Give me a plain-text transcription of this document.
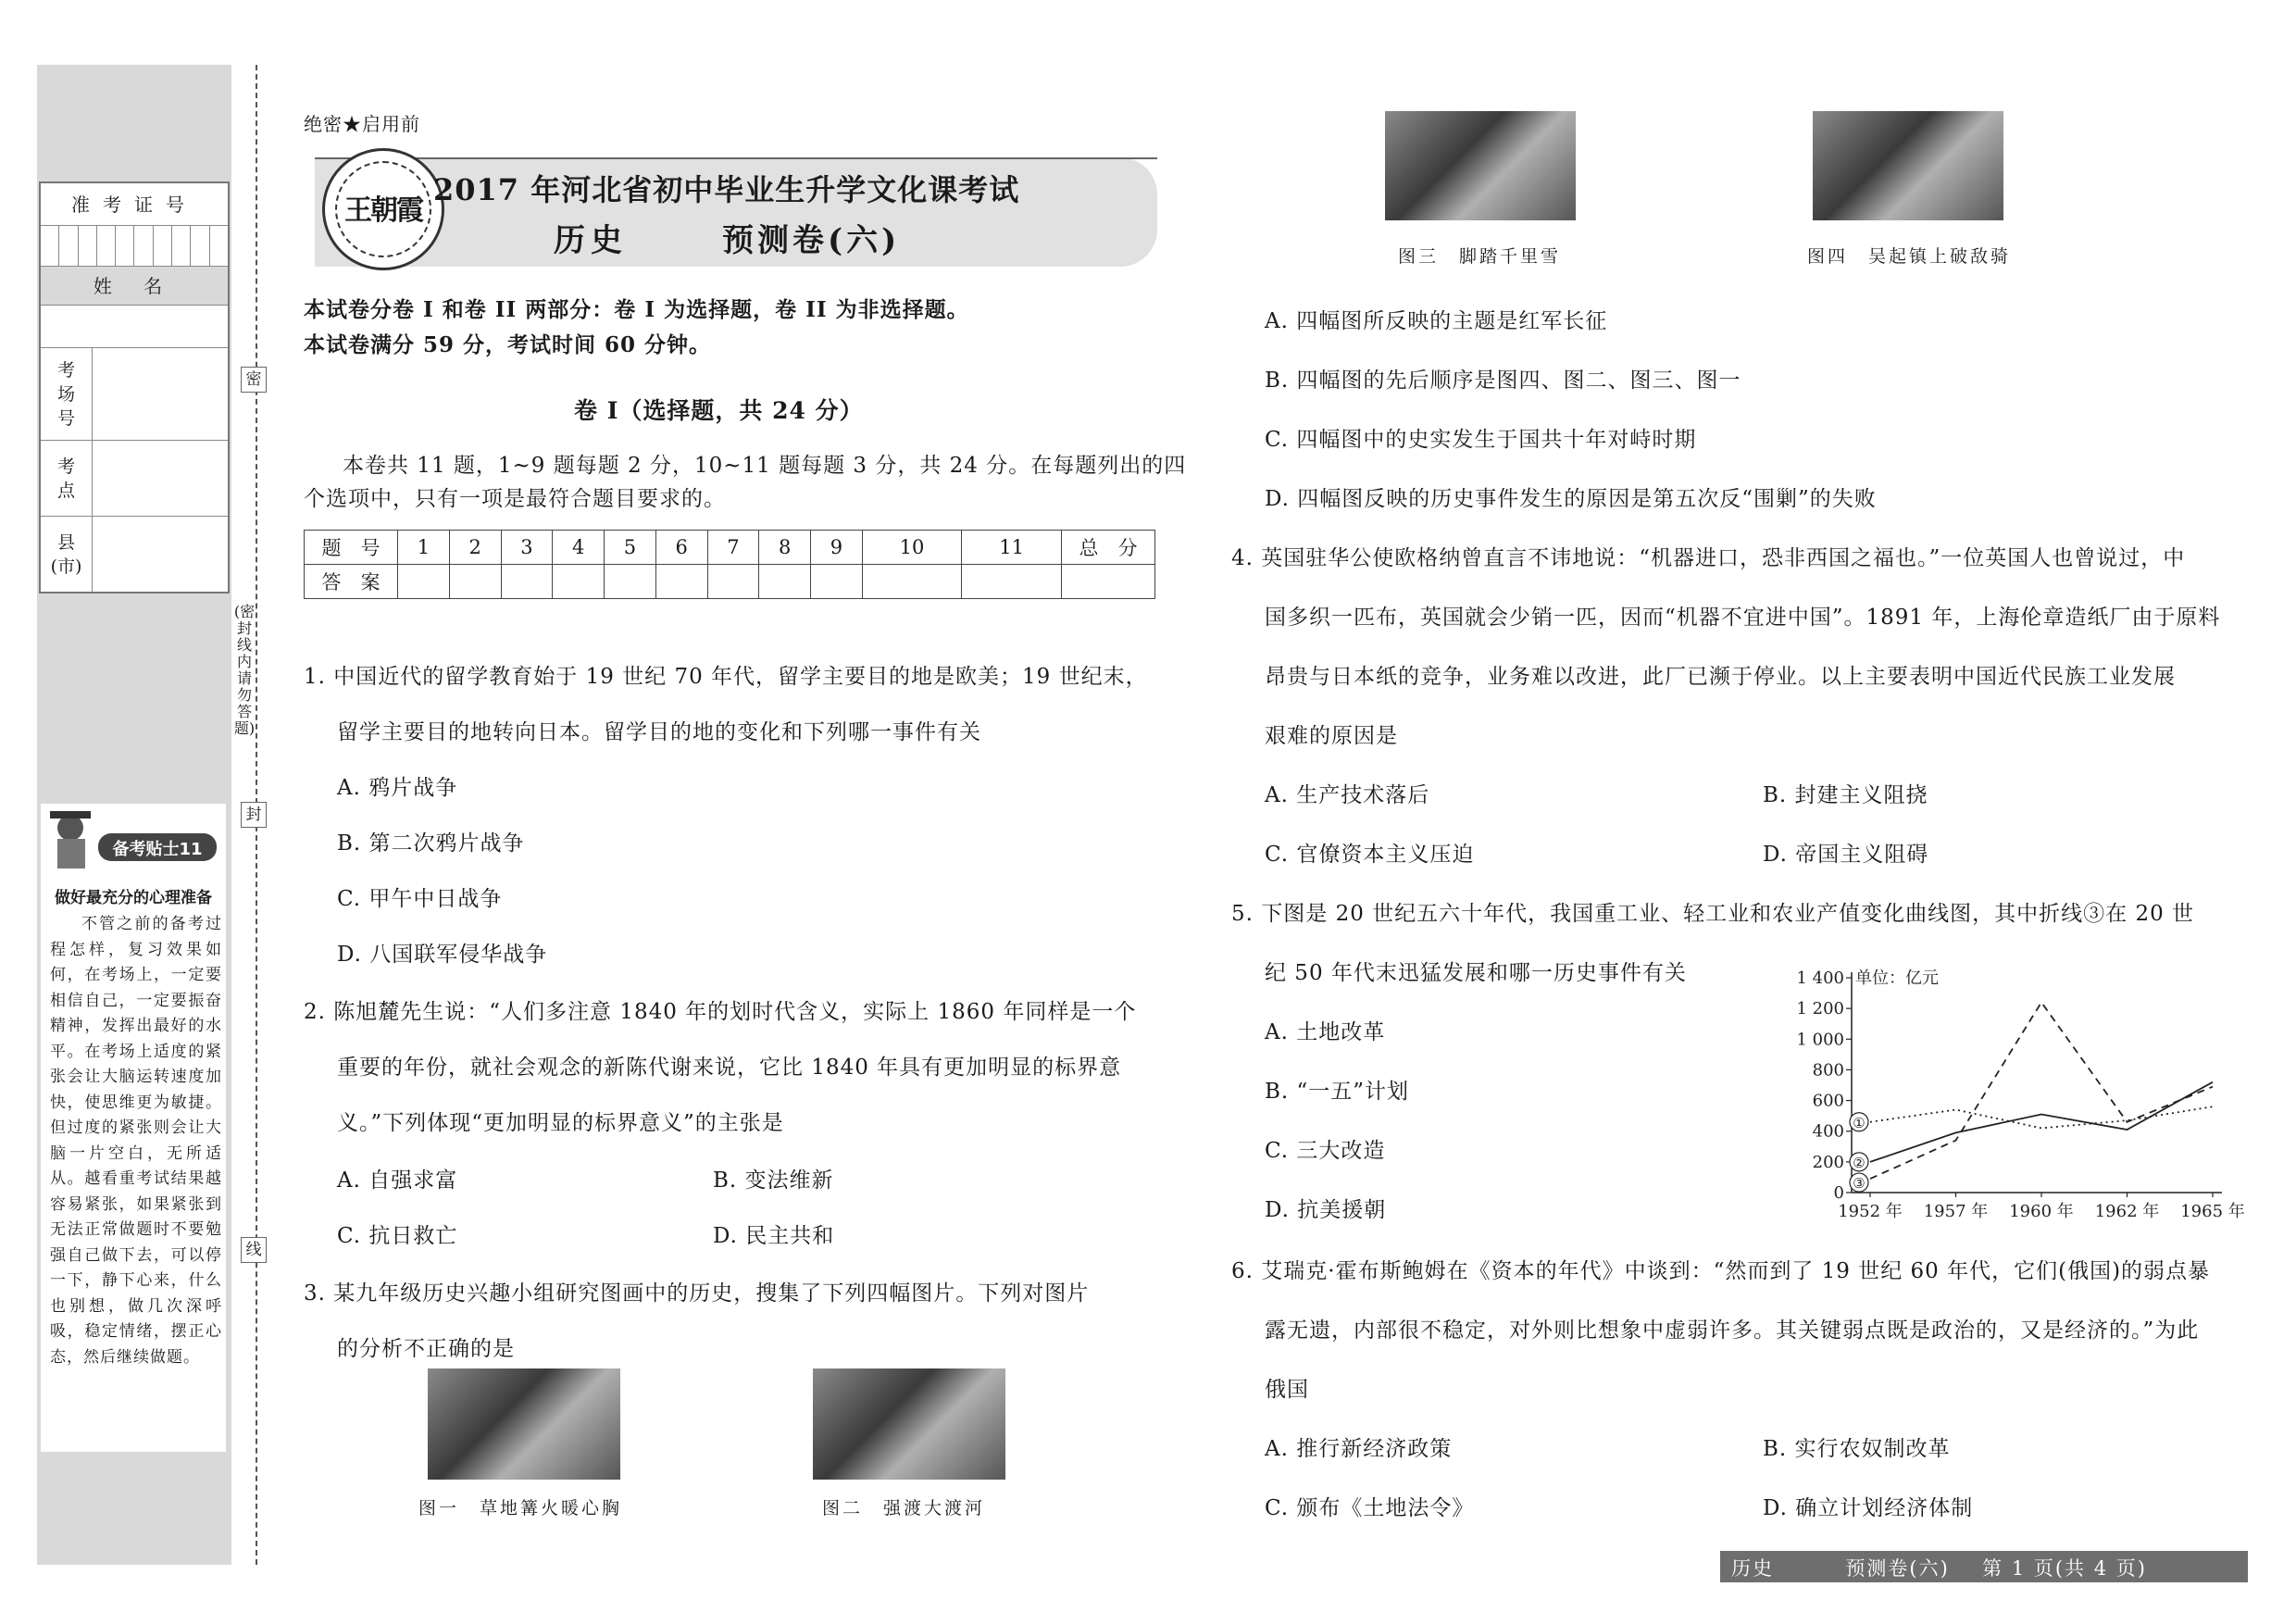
准考证号
姓 名
考
场
号
考
点
县
(市)
备考贴士11
做好最充分的心理准备
不管之前的备考过程怎样，复习效果如何，在考场上，一定要相信自己，一定要振奋精神，发挥出最好的水平。在考场上适度的紧张会让大脑运转速度加快，使思维更为敏捷。但过度的紧张则会让大脑一片空白，无所适从。越看重考试结果越容易紧张，如果紧张到无法正常做题时不要勉强自己做下去，可以停一下，静下心来，什么也别想，做几次深呼吸，稳定情绪，摆正心态，然后继续做题。
密
(密封线内请勿答题)
封
线
绝密★启用前
王朝霞
2017 年河北省初中毕业生升学文化课考试
历史	预测卷(六)
本试卷分卷 I 和卷 II 两部分：卷 I 为选择题，卷 II 为非选择题。
本试卷满分 59 分，考试时间 60 分钟。
卷 I（选择题，共 24 分）
本卷共 11 题，1~9 题每题 2 分，10~11 题每题 3 分，共 24 分。在每题列出的四
个选项中，只有一项是最符合题目要求的。
题　号	1	2	3	4	5	6	7	8	9	10	11	总　分
答　案												
1. 中国近代的留学教育始于 19 世纪 70 年代，留学主要目的地是欧美；19 世纪末，
留学主要目的地转向日本。留学目的地的变化和下列哪一事件有关
A. 鸦片战争
B. 第二次鸦片战争
C. 甲午中日战争
D. 八国联军侵华战争
2. 陈旭麓先生说：“人们多注意 1840 年的划时代含义，实际上 1860 年同样是一个
重要的年份，就社会观念的新陈代谢来说，它比 1840 年具有更加明显的标界意
义。”下列体现“更加明显的标界意义”的主张是
A. 自强求富	B. 变法维新
C. 抗日救亡	D. 民主共和
3. 某九年级历史兴趣小组研究图画中的历史，搜集了下列四幅图片。下列对图片
的分析不正确的是
图一　草地篝火暖心胸	图二　强渡大渡河
图三　脚踏千里雪	图四　吴起镇上破敌骑
A. 四幅图所反映的主题是红军长征
B. 四幅图的先后顺序是图四、图二、图三、图一
C. 四幅图中的史实发生于国共十年对峙时期
D. 四幅图反映的历史事件发生的原因是第五次反“围剿”的失败
4. 英国驻华公使欧格纳曾直言不讳地说：“机器进口，恐非西国之福也。”一位英国人也曾说过，中
国多织一匹布，英国就会少销一匹，因而“机器不宜进中国”。1891 年，上海伦章造纸厂由于原料
昂贵与日本纸的竞争，业务难以改进，此厂已濒于停业。以上主要表明中国近代民族工业发展
艰难的原因是
A. 生产技术落后	B. 封建主义阻挠
C. 官僚资本主义压迫	D. 帝国主义阻碍
5. 下图是 20 世纪五六十年代，我国重工业、轻工业和农业产值变化曲线图，其中折线③在 20 世
纪 50 年代末迅猛发展和哪一历史事件有关
A. 土地改革
B. “一五”计划
C. 三大改造
D. 抗美援朝
0
200
400
600
800
1 000
1 200
1 400 单位：亿元
1952 年 1957 年 1960 年 1962 年 1965 年
①
②
③
6. 艾瑞克·霍布斯鲍姆在《资本的年代》中谈到：“然而到了 19 世纪 60 年代，它们(俄国)的弱点暴
露无遗，内部很不稳定，对外则比想象中虚弱许多。其关键弱点既是政治的，又是经济的。”为此
俄国
A. 推行新经济政策	B. 实行农奴制改革
C. 颁布《土地法令》	D. 确立计划经济体制
历史	预测卷(六) 第 1 页(共 4 页)
